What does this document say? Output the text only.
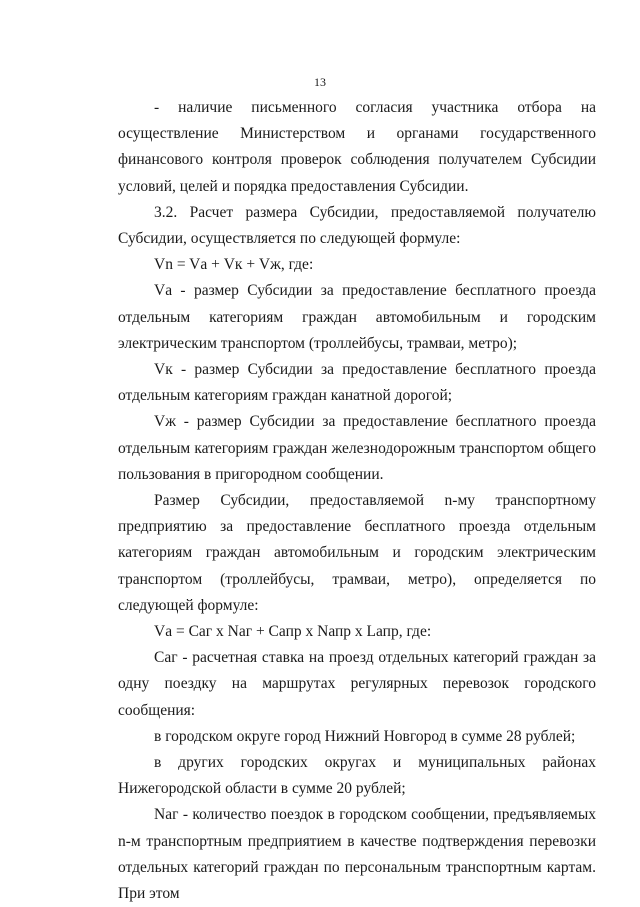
13

- наличие письменного согласия участника отбора на осуществление Министерством и органами государственного финансового контроля проверок соблюдения получателем Субсидии условий, целей и порядка предоставления Субсидии.

3.2. Расчет размера Субсидии, предоставляемой получателю Субсидии, осуществляется по следующей формуле:

Vn = Vа + Vк + Vж, где:

Vа - размер Субсидии за предоставление бесплатного проезда отдельным категориям граждан автомобильным и городским электрическим транспортом (троллейбусы, трамваи, метро);

Vк - размер Субсидии за предоставление бесплатного проезда отдельным категориям граждан канатной дорогой;

Vж - размер Субсидии за предоставление бесплатного проезда отдельным категориям граждан железнодорожным транспортом общего пользования в пригородном сообщении.

Размер Субсидии, предоставляемой n-му транспортному предприятию за предоставление бесплатного проезда отдельным категориям граждан автомобильным и городским электрическим транспортом (троллейбусы, трамваи, метро), определяется по следующей формуле:

Vа = Саг х Nаг + Сапр х Nапр х Lапр, где:

Саг - расчетная ставка на проезд отдельных категорий граждан за одну поездку на маршрутах регулярных перевозок городского сообщения:

в городском округе город Нижний Новгород в сумме 28 рублей;

в других городских округах и муниципальных районах Нижегородской области в сумме 20 рублей;

Nаг - количество поездок в городском сообщении, предъявляемых n-м транспортным предприятием в качестве подтверждения перевозки отдельных категорий граждан по персональным транспортным картам. При этом
